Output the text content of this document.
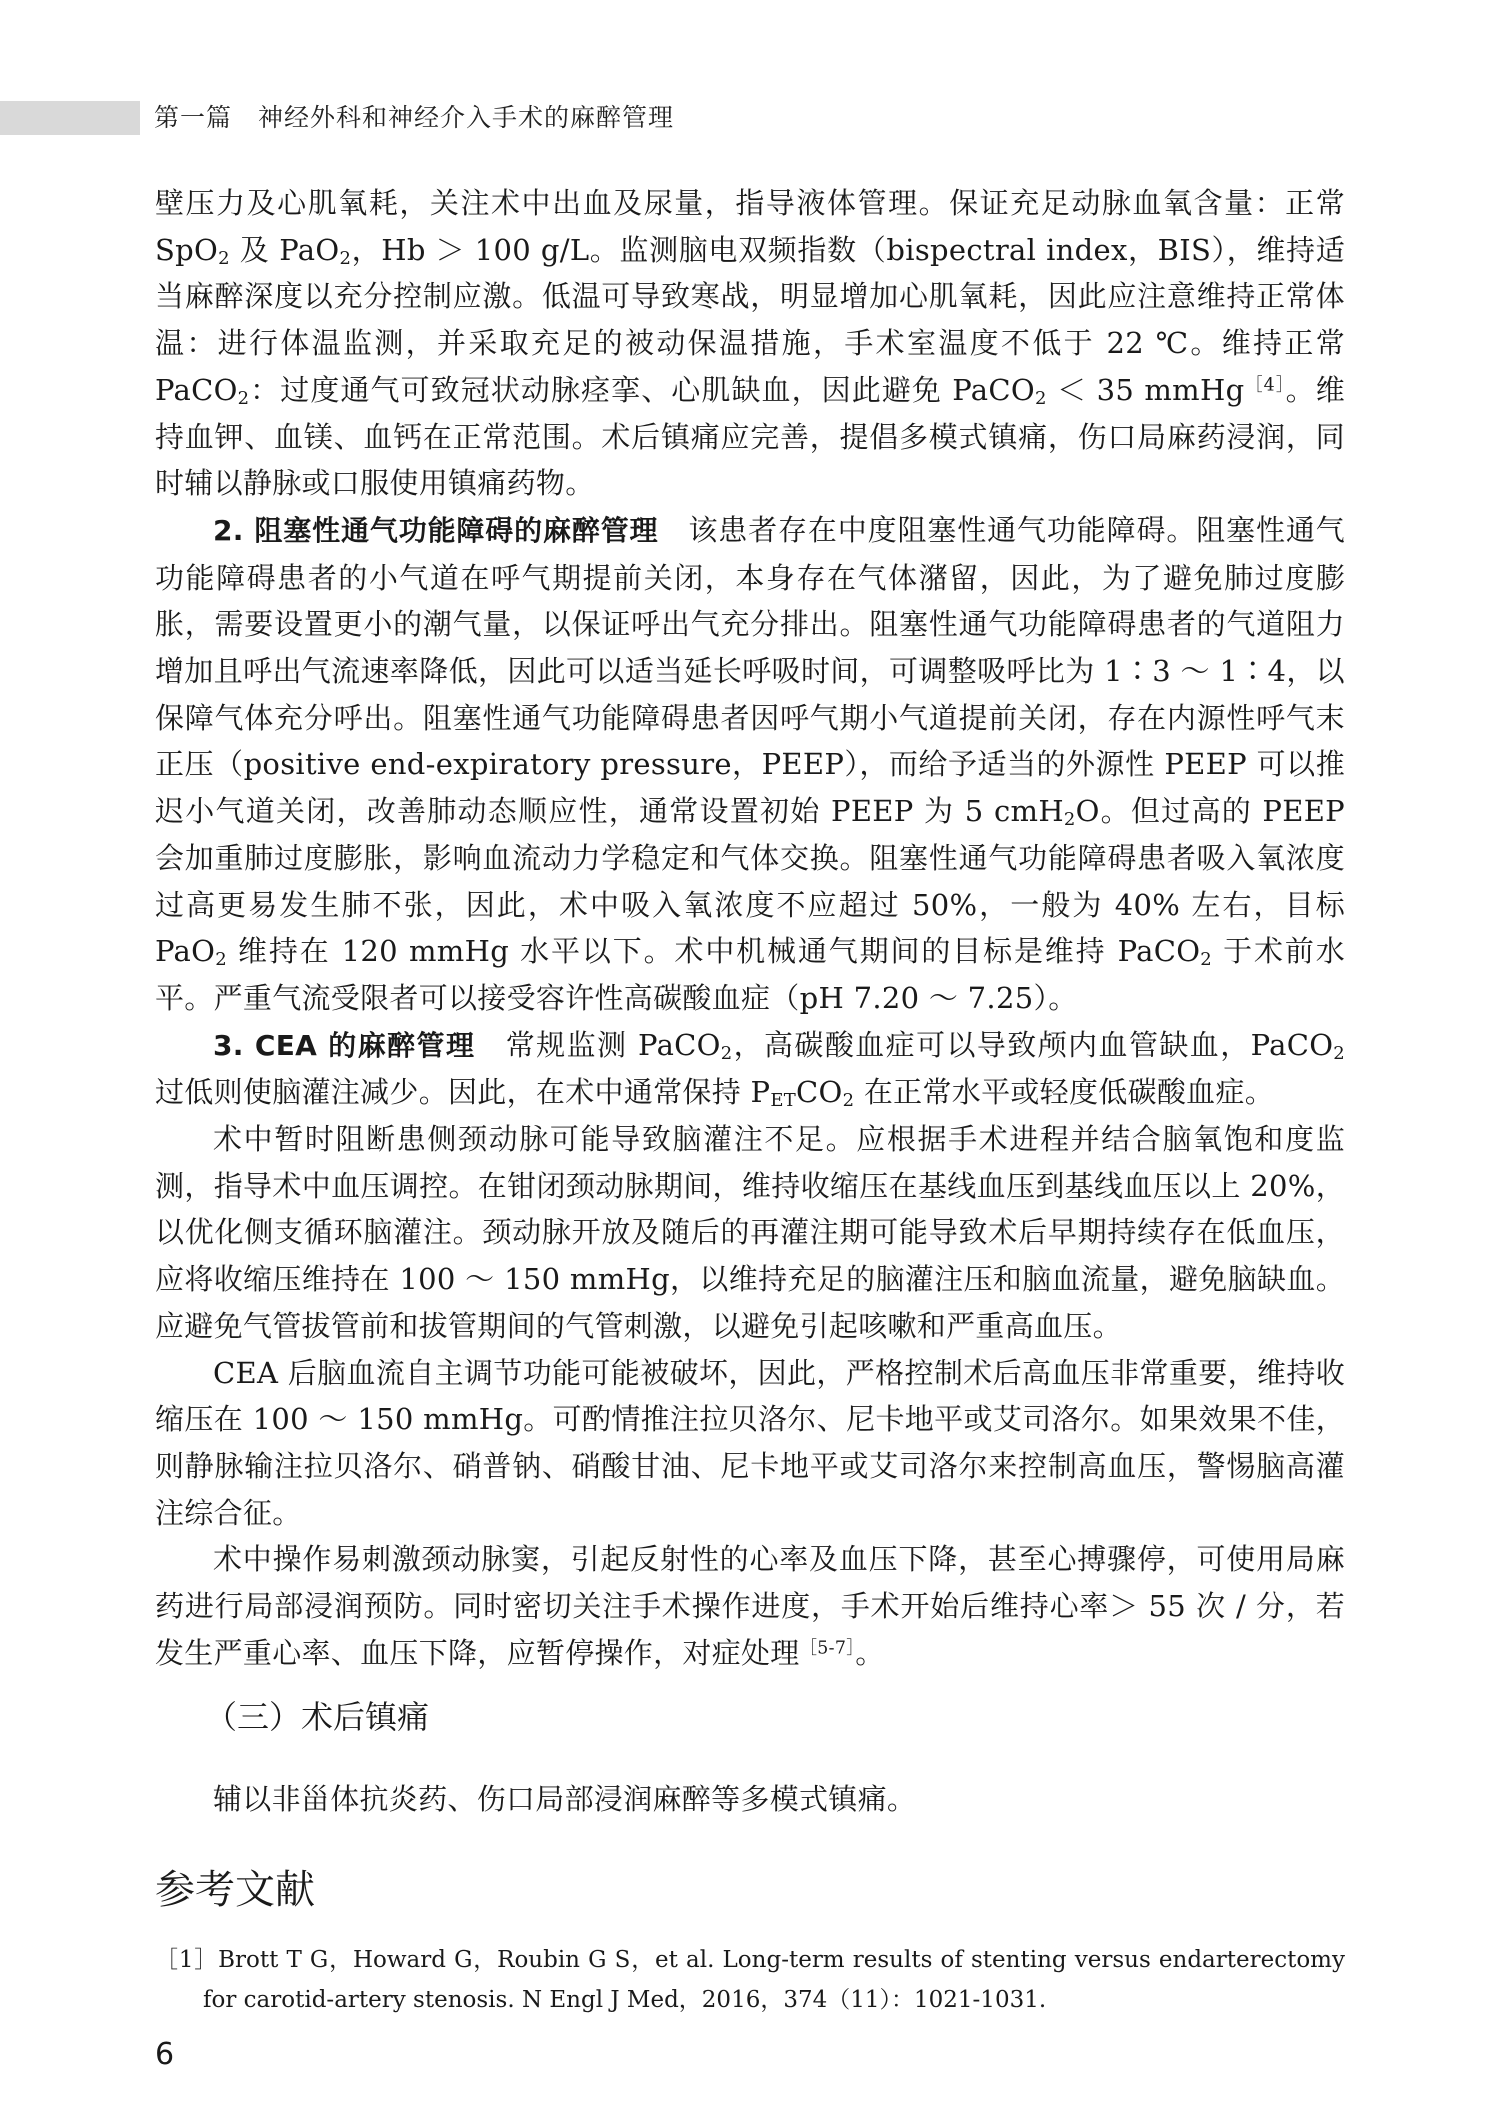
第一篇　神经外科和神经介入手术的麻醉管理

壁压力及心肌氧耗，关注术中出血及尿量，指导液体管理。保证充足动脉血氧含量：正常 SpO$_2$ 及 PaO$_2$，Hb ＞ 100 g/L。监测脑电双频指数（bispectral index，BIS），维持适当麻醉深度以充分控制应激。低温可导致寒战，明显增加心肌氧耗，因此应注意维持正常体温：进行体温监测，并采取充足的被动保温措施，手术室温度不低于 22 ℃。维持正常 PaCO$_2$：过度通气可致冠状动脉痉挛、心肌缺血，因此避免 PaCO$_2$ ＜ 35 mmHg$^{[4]}$。维持血钾、血镁、血钙在正常范围。术后镇痛应完善，提倡多模式镇痛，伤口局麻药浸润，同时辅以静脉或口服使用镇痛药物。

2. 阻塞性通气功能障碍的麻醉管理　该患者存在中度阻塞性通气功能障碍。阻塞性通气功能障碍患者的小气道在呼气期提前关闭，本身存在气体潴留，因此，为了避免肺过度膨胀，需要设置更小的潮气量，以保证呼出气充分排出。阻塞性通气功能障碍患者的气道阻力增加且呼出气流速率降低，因此可以适当延长呼吸时间，可调整吸呼比为 1∶3 ～ 1∶4，以保障气体充分呼出。阻塞性通气功能障碍患者因呼气期小气道提前关闭，存在内源性呼气末正压（positive end-expiratory pressure，PEEP），而给予适当的外源性 PEEP 可以推迟小气道关闭，改善肺动态顺应性，通常设置初始 PEEP 为 5 cmH$_2$O。但过高的 PEEP 会加重肺过度膨胀，影响血流动力学稳定和气体交换。阻塞性通气功能障碍患者吸入氧浓度过高更易发生肺不张，因此，术中吸入氧浓度不应超过 50%，一般为 40% 左右，目标 PaO$_2$ 维持在 120 mmHg 水平以下。术中机械通气期间的目标是维持 PaCO$_2$ 于术前水平。严重气流受限者可以接受容许性高碳酸血症（pH 7.20 ～ 7.25）。

3. CEA 的麻醉管理　常规监测 PaCO$_2$，高碳酸血症可以导致颅内血管缺血，PaCO$_2$ 过低则使脑灌注减少。因此，在术中通常保持 $P_{ET}CO_2$ 在正常水平或轻度低碳酸血症。

术中暂时阻断患侧颈动脉可能导致脑灌注不足。应根据手术进程并结合脑氧饱和度监测，指导术中血压调控。在钳闭颈动脉期间，维持收缩压在基线血压到基线血压以上 20%，以优化侧支循环脑灌注。颈动脉开放及随后的再灌注期可能导致术后早期持续存在低血压，应将收缩压维持在 100 ～ 150 mmHg，以维持充足的脑灌注压和脑血流量，避免脑缺血。应避免气管拔管前和拔管期间的气管刺激，以避免引起咳嗽和严重高血压。

CEA 后脑血流自主调节功能可能被破坏，因此，严格控制术后高血压非常重要，维持收缩压在 100 ～ 150 mmHg。可酌情推注拉贝洛尔、尼卡地平或艾司洛尔。如果效果不佳，则静脉输注拉贝洛尔、硝普钠、硝酸甘油、尼卡地平或艾司洛尔来控制高血压，警惕脑高灌注综合征。

术中操作易刺激颈动脉窦，引起反射性的心率及血压下降，甚至心搏骤停，可使用局麻药进行局部浸润预防。同时密切关注手术操作进度，手术开始后维持心率＞ 55 次 / 分，若发生严重心率、血压下降，应暂停操作，对症处理$^{[5-7]}$。

（三）术后镇痛
辅以非甾体抗炎药、伤口局部浸润麻醉等多模式镇痛。
参考文献

［1］Brott T G，Howard G，Roubin G S，et al. Long-term results of stenting versus endarterectomy for carotid-artery stenosis. N Engl J Med，2016，374（11）：1021-1031.

6
